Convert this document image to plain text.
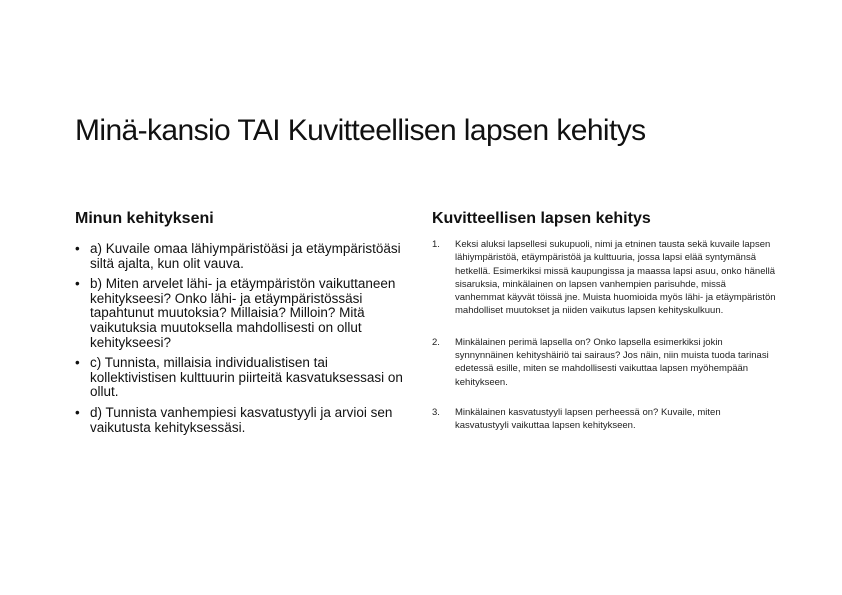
Minä-kansio TAI Kuvitteellisen lapsen kehitys
Minun kehitykseni
• a) Kuvaile omaa lähiympäristöäsi ja etäympäristöäsi siltä ajalta, kun olit vauva.
• b) Miten arvelet lähi- ja etäympäristön vaikuttaneen kehitykseesi? Onko lähi- ja etäympäristössäsi tapahtunut muutoksia? Millaisia? Milloin? Mitä vaikutuksia muutoksella mahdollisesti on ollut kehitykseesi?
• c) Tunnista, millaisia individualistisen tai kollektivistisen kulttuurin piirteitä kasvatuksessasi on ollut.
• d) Tunnista vanhempiesi kasvatustyyli ja arvioi sen vaikutusta kehityksessäsi.
Kuvitteellisen lapsen kehitys
1. Keksi aluksi lapsellesi sukupuoli, nimi ja etninen tausta sekä kuvaile lapsen lähiympäristöä, etäympäristöä ja kulttuuria, jossa lapsi elää syntymänsä hetkellä. Esimerkiksi missä kaupungissa ja maassa lapsi asuu, onko hänellä sisaruksia, minkälainen on lapsen vanhempien parisuhde, missä vanhemmat käyvät töissä jne. Muista huomioida myös lähi- ja etäympäristön mahdolliset muutokset ja niiden vaikutus lapsen kehityskulkuun.
2. Minkälainen perimä lapsella on? Onko lapsella esimerkiksi jokin synnynnäinen kehityshäiriö tai sairaus? Jos näin, niin muista tuoda tarinasi edetessä esille, miten se mahdollisesti vaikuttaa lapsen myöhempään kehitykseen.
3. Minkälainen kasvatustyyli lapsen perheessä on? Kuvaile, miten kasvatustyyli vaikuttaa lapsen kehitykseen.
